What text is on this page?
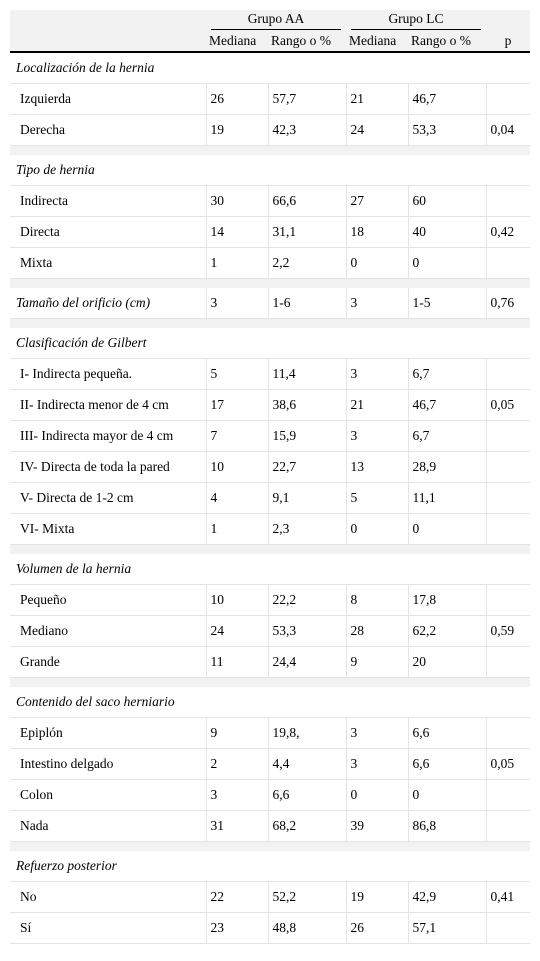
	Grupo AA		Grupo LC		

	Mediana	Rango o %	Mediana	Rango o %	p
Localización de la hernia					
Izquierda	26	57,7	21	46,7	
Derecha	19	42,3	24	53,3	0,04

Tipo de hernia					
Indirecta	30	66,6	27	60	
Directa	14	31,1	18	40	0,42
Mixta	1	2,2	0	0	

Tamaño del orificio (cm)	3	1-6	3	1-5	0,76

Clasificación de Gilbert					
I- Indirecta pequeña.	5	11,4	3	6,7	
II- Indirecta menor de 4 cm	17	38,6	21	46,7	0,05
III- Indirecta mayor de 4 cm	7	15,9	3	6,7	
IV- Directa de toda la pared	10	22,7	13	28,9	
V- Directa de 1-2 cm	4	9,1	5	11,1	
VI- Mixta	1	2,3	0	0	

Volumen de la hernia					
Pequeño	10	22,2	8	17,8	
Mediano	24	53,3	28	62,2	0,59
Grande	11	24,4	9	20	

Contenido del saco herniario					
Epiplón	9	19,8,	3	6,6	
Intestino delgado	2	4,4	3	6,6	0,05
Colon	3	6,6	0	0	
Nada	31	68,2	39	86,8	

Refuerzo posterior					
No	22	52,2	19	42,9	0,41
Sí	23	48,8	26	57,1	
